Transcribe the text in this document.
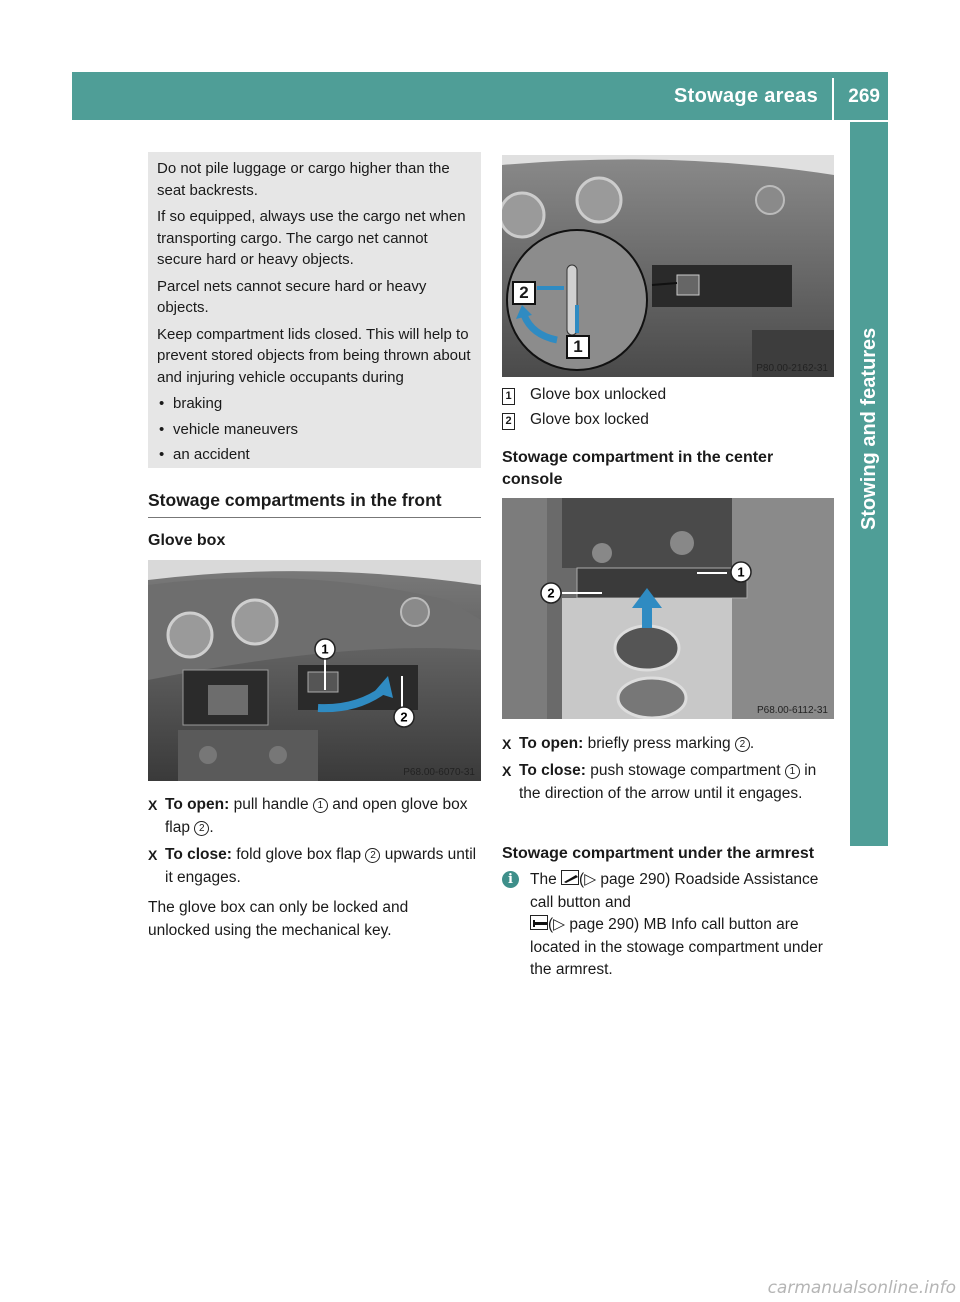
Stowage areas 269
Stowing and features

Do not pile luggage or cargo higher than the seat backrests.

If so equipped, always use the cargo net when transporting cargo. The cargo net cannot secure hard or heavy objects.

Parcel nets cannot secure hard or heavy objects.

Keep compartment lids closed. This will help to prevent stored objects from being thrown about and injuring vehicle occupants during

• braking
• vehicle maneuvers
• an accident
Stowage compartments in the front
Glove box
1
2
P68.00-6070-31
X To open: pull handle 1 and open glove box flap 2 .
X To close: fold glove box flap 2 upwards until it engages.
The glove box can only be locked and unlocked using the mechanical key.
2
1
P80.00-2162-31
1 Glove box unlocked
2 Glove box locked
Stowage compartment in the center console
2
1
P68.00-6112-31
X To open: briefly press marking 2 .
X To close: push stowage compartment 1 in the direction of the arrow until it engages.
Stowage compartment under the armrest
i	The (▷ page 290) Roadside Assistance call button and
(▷ page 290) MB Info call button are located in the stowage compartment under the armrest.
carmanualsonline.info
